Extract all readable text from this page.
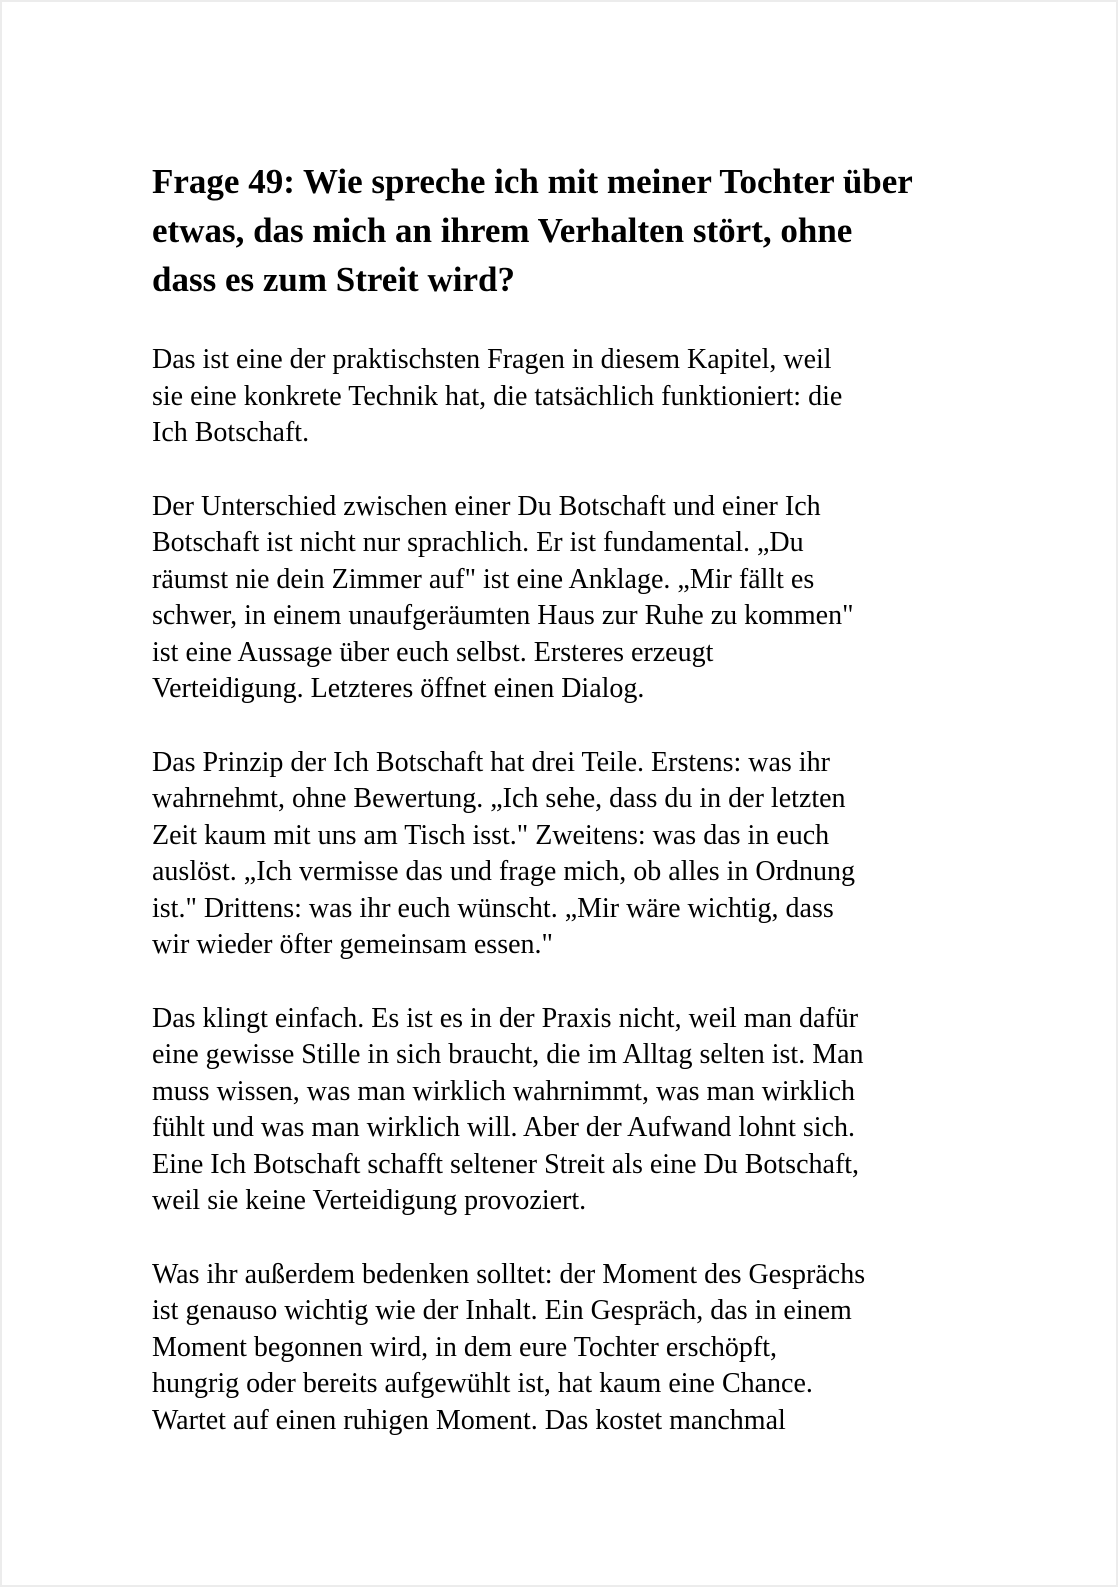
Frage 49: Wie spreche ich mit meiner Tochter über
etwas, das mich an ihrem Verhalten stört, ohne
dass es zum Streit wird?

Das ist eine der praktischsten Fragen in diesem Kapitel, weil
sie eine konkrete Technik hat, die tatsächlich funktioniert: die
Ich Botschaft.

Der Unterschied zwischen einer Du Botschaft und einer Ich
Botschaft ist nicht nur sprachlich. Er ist fundamental. „Du
räumst nie dein Zimmer auf" ist eine Anklage. „Mir fällt es
schwer, in einem unaufgeräumten Haus zur Ruhe zu kommen"
ist eine Aussage über euch selbst. Ersteres erzeugt
Verteidigung. Letzteres öffnet einen Dialog.

Das Prinzip der Ich Botschaft hat drei Teile. Erstens: was ihr
wahrnehmt, ohne Bewertung. „Ich sehe, dass du in der letzten
Zeit kaum mit uns am Tisch isst." Zweitens: was das in euch
auslöst. „Ich vermisse das und frage mich, ob alles in Ordnung
ist." Drittens: was ihr euch wünscht. „Mir wäre wichtig, dass
wir wieder öfter gemeinsam essen."

Das klingt einfach. Es ist es in der Praxis nicht, weil man dafür
eine gewisse Stille in sich braucht, die im Alltag selten ist. Man
muss wissen, was man wirklich wahrnimmt, was man wirklich
fühlt und was man wirklich will. Aber der Aufwand lohnt sich.
Eine Ich Botschaft schafft seltener Streit als eine Du Botschaft,
weil sie keine Verteidigung provoziert.

Was ihr außerdem bedenken solltet: der Moment des Gesprächs
ist genauso wichtig wie der Inhalt. Ein Gespräch, das in einem
Moment begonnen wird, in dem eure Tochter erschöpft,
hungrig oder bereits aufgewühlt ist, hat kaum eine Chance.
Wartet auf einen ruhigen Moment. Das kostet manchmal
